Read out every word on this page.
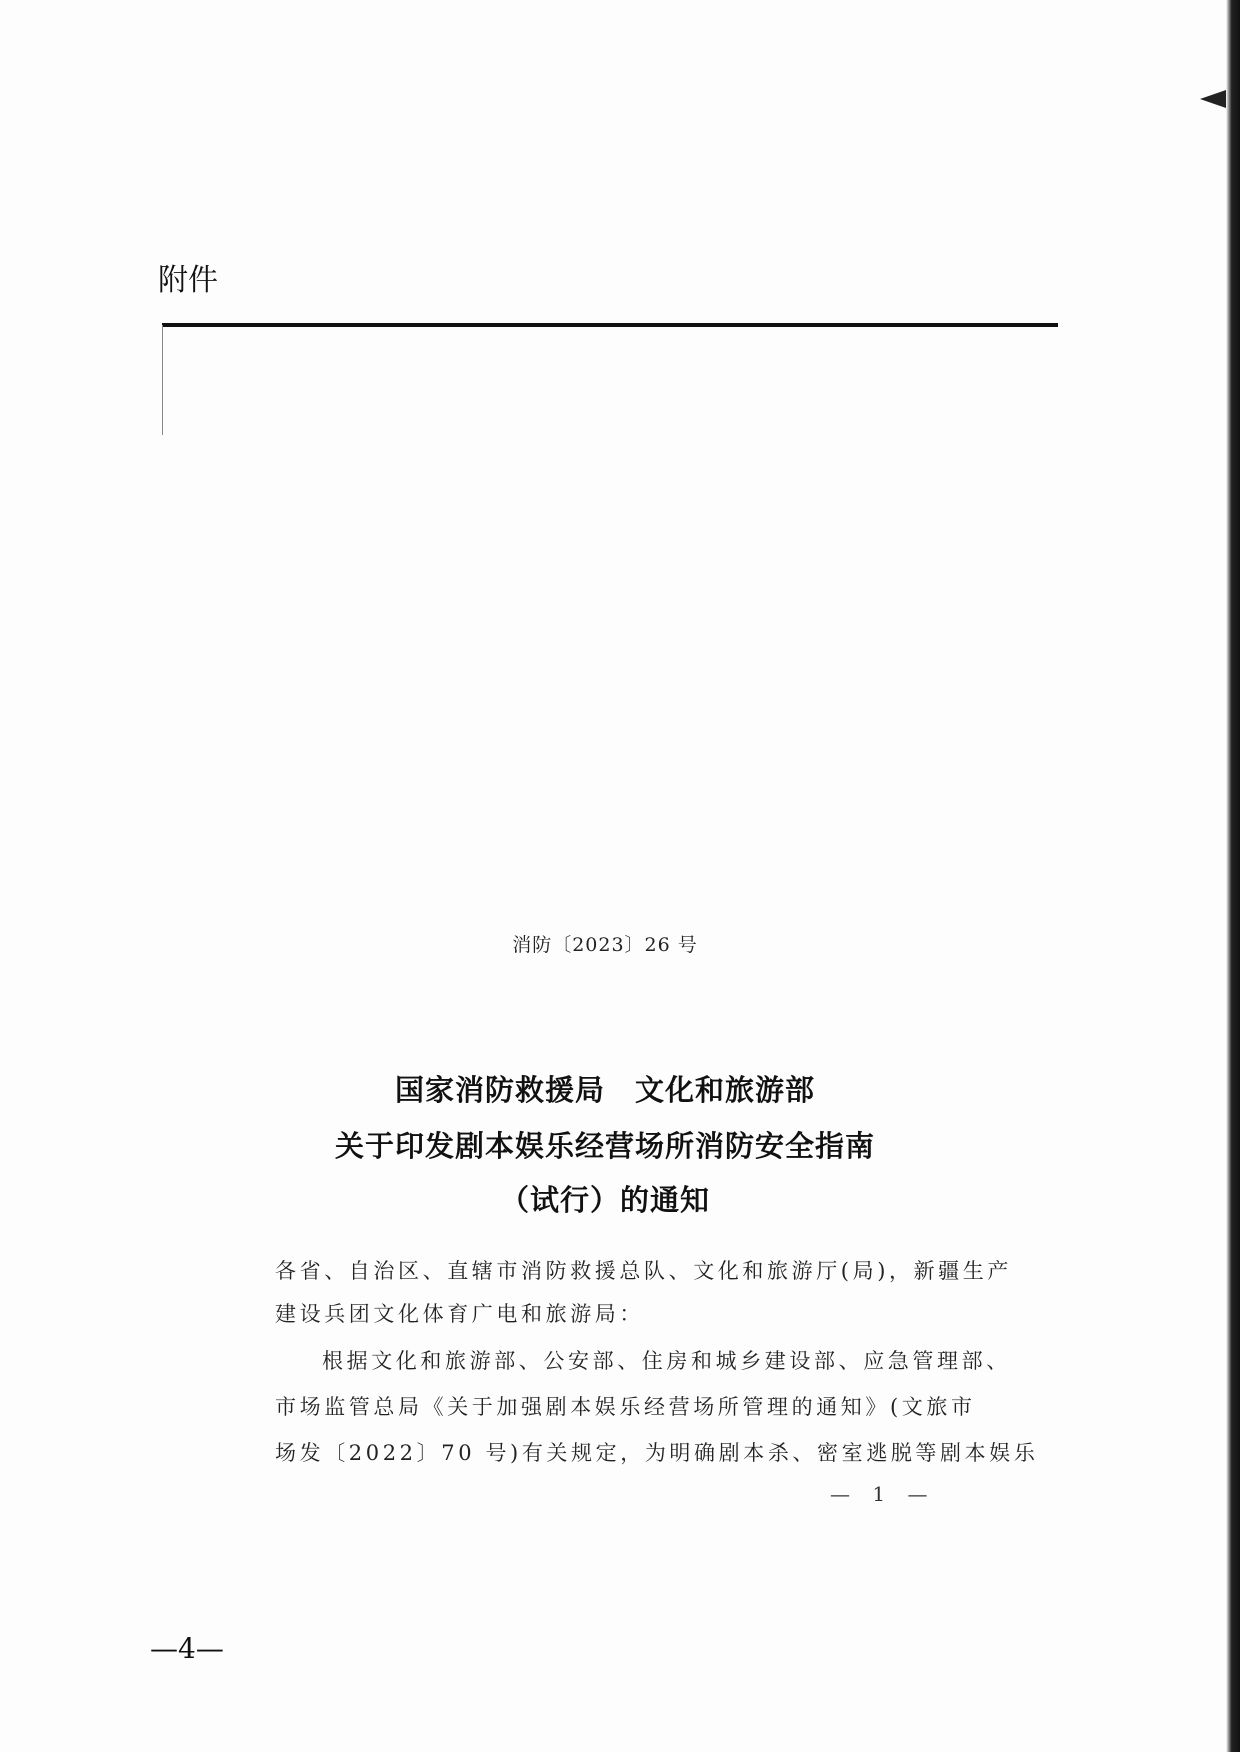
附件
消防〔2023〕26 号
国家消防救援局　文化和旅游部
关于印发剧本娱乐经营场所消防安全指南
（试行）的通知
各省、自治区、直辖市消防救援总队、文化和旅游厅(局)，新疆生产
建设兵团文化体育广电和旅游局：
根据文化和旅游部、公安部、住房和城乡建设部、应急管理部、
市场监管总局《关于加强剧本娱乐经营场所管理的通知》(文旅市
场发〔2022〕70 号)有关规定，为明确剧本杀、密室逃脱等剧本娱乐
— 1 —
—4—
